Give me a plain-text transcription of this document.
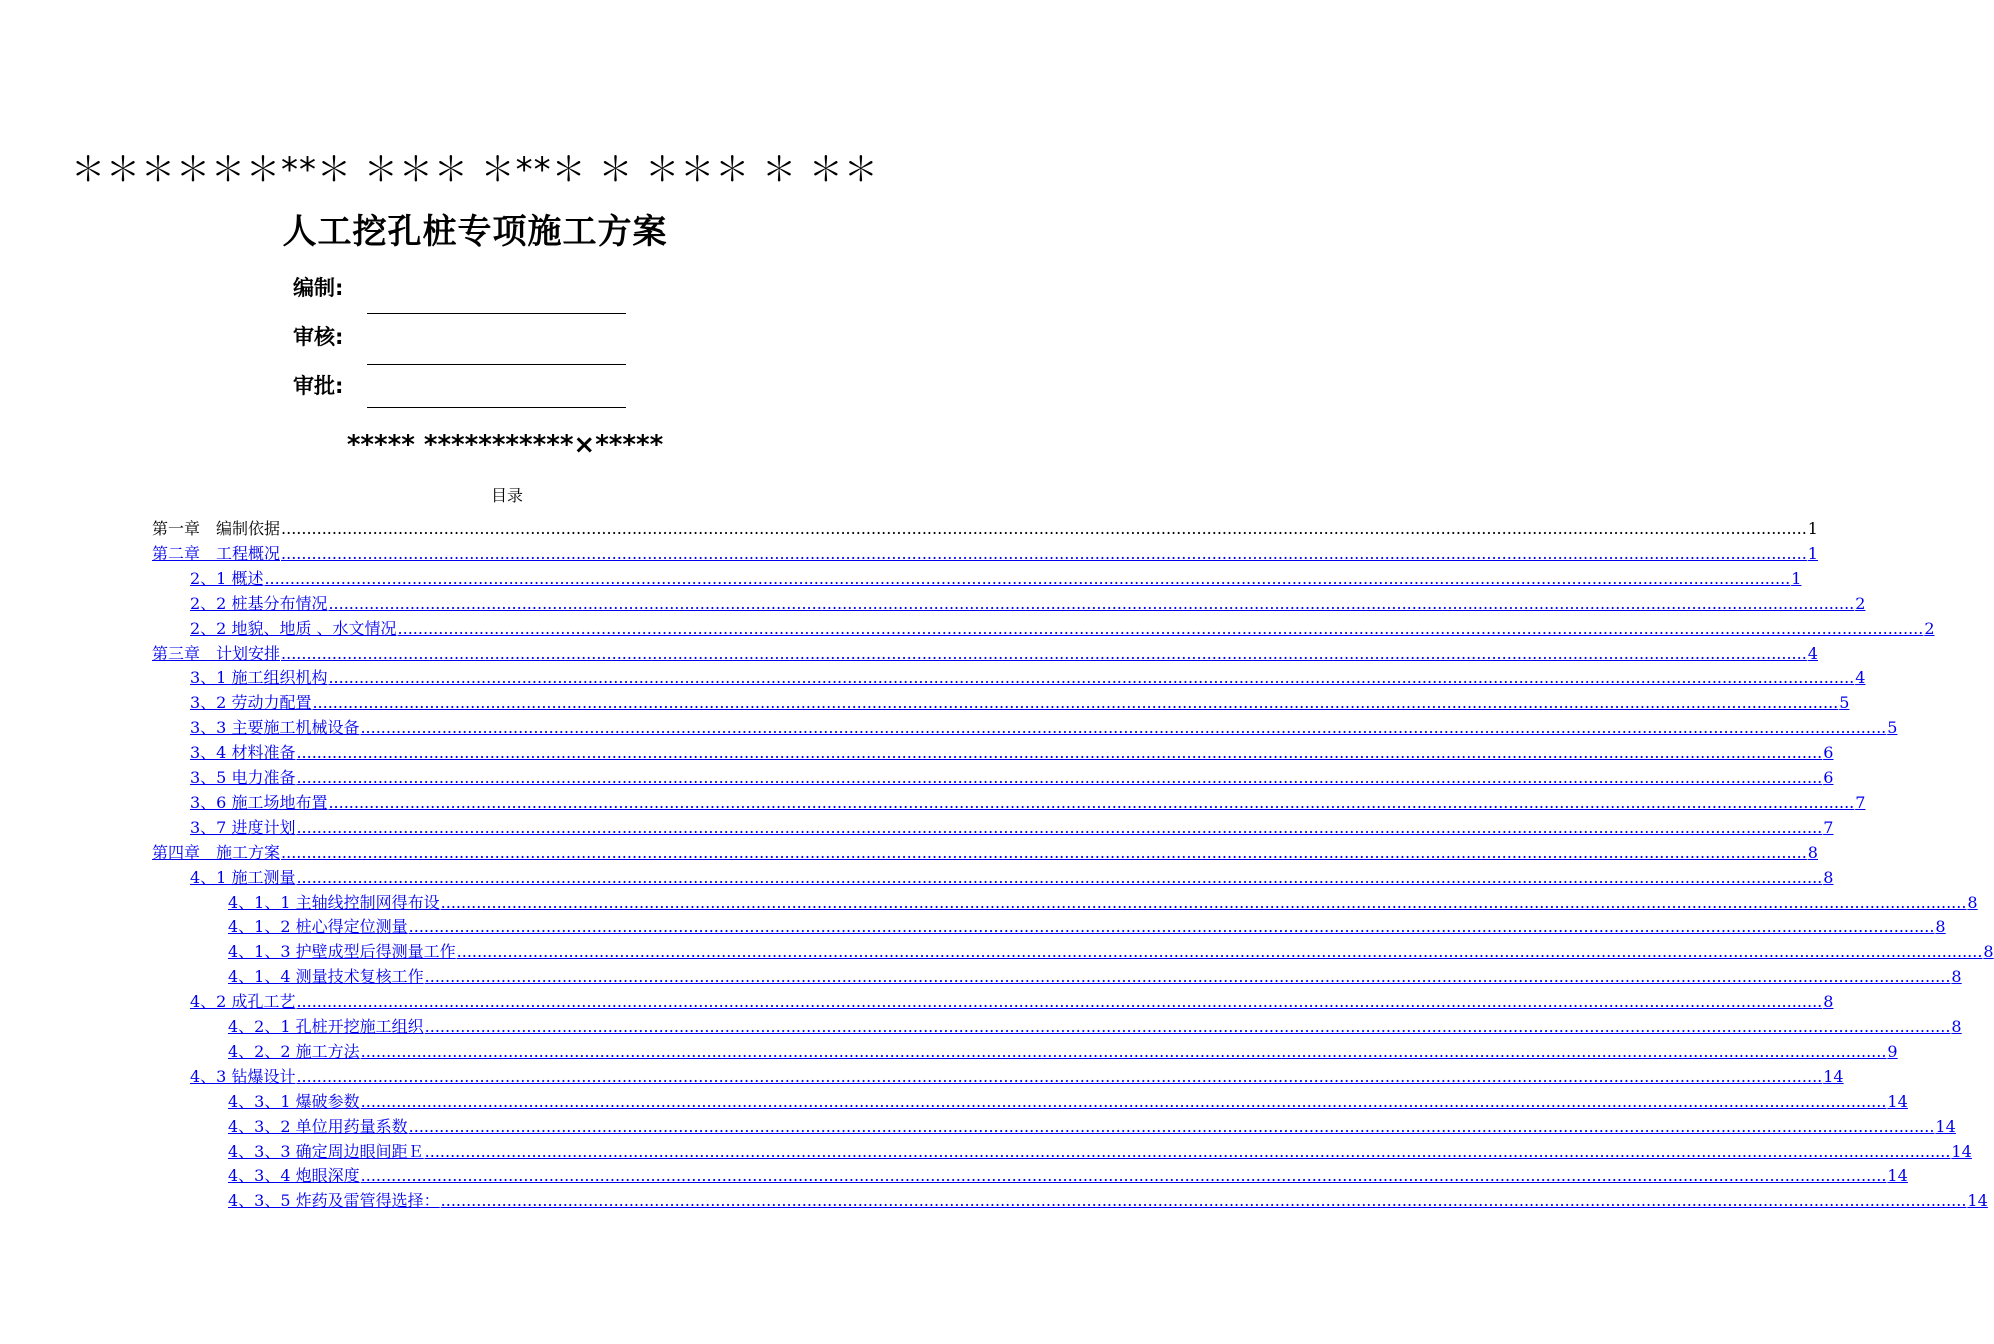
＊＊＊＊＊＊**＊ ＊＊＊ ＊**＊ ＊ ＊＊＊ ＊ ＊＊
人工挖孔桩专项施工方案
编制:
审核:
审批:
***** ***********×*****
目录
第一章　编制依据 ............................................................................................................................................................................................................................................................................................................ 1
第二章　工程概况 ............................................................................................................................................................................................................................................................................................................ 1
2、1 概述 ............................................................................................................................................................................................................................................................................................................ 1
2、2 桩基分布情况 ............................................................................................................................................................................................................................................................................................................ 2
2、2 地貌、地质 、水文情况 ............................................................................................................................................................................................................................................................................................................ 2
第三章　计划安排 ............................................................................................................................................................................................................................................................................................................ 4
3、1 施工组织机构 ............................................................................................................................................................................................................................................................................................................ 4
3、2 劳动力配置 ............................................................................................................................................................................................................................................................................................................ 5
3、3 主要施工机械设备 ............................................................................................................................................................................................................................................................................................................ 5
3、4 材料准备 ............................................................................................................................................................................................................................................................................................................ 6
3、5 电力准备 ............................................................................................................................................................................................................................................................................................................ 6
3、6 施工场地布置 ............................................................................................................................................................................................................................................................................................................ 7
3、7 进度计划 ............................................................................................................................................................................................................................................................................................................ 7
第四章　施工方案 ............................................................................................................................................................................................................................................................................................................ 8
4、1 施工测量 ............................................................................................................................................................................................................................................................................................................ 8
4、1、1 主轴线控制网得布设 ............................................................................................................................................................................................................................................................................................................ 8
4、1、2 桩心得定位测量 ............................................................................................................................................................................................................................................................................................................ 8
4、1、3 护壁成型后得测量工作 ............................................................................................................................................................................................................................................................................................................ 8
4、1、4 测量技术复核工作 ............................................................................................................................................................................................................................................................................................................ 8
4、2 成孔工艺 ............................................................................................................................................................................................................................................................................................................ 8
4、2、1 孔桩开挖施工组织 ............................................................................................................................................................................................................................................................................................................ 8
4、2、2 施工方法 ............................................................................................................................................................................................................................................................................................................ 9
4、3 钻爆设计 ............................................................................................................................................................................................................................................................................................................ 14
4、3、1 爆破参数 ............................................................................................................................................................................................................................................................................................................ 14
4、3、2 单位用药量系数 ............................................................................................................................................................................................................................................................................................................ 14
4、3、3 确定周边眼间距Ｅ ............................................................................................................................................................................................................................................................................................................ 14
4、3、4 炮眼深度 ............................................................................................................................................................................................................................................................................................................ 14
4、3、5 炸药及雷管得选择： ............................................................................................................................................................................................................................................................................................................ 14
